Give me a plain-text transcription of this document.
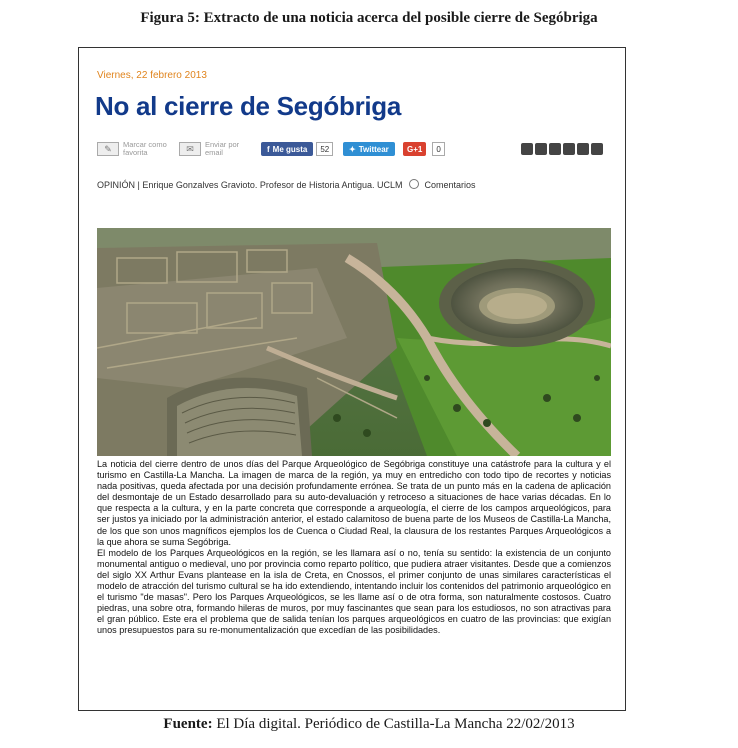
Figura 5: Extracto de una noticia acerca del posible cierre de Segóbriga
Viernes, 22 febrero 2013
No al cierre de Segóbriga
✎	Marcar como favorita	✉	Enviar por email	f Me gusta	52	✦ Twittear	G+1	0
OPINIÓN | Enrique Gonzalves Gravioto. Profesor de Historia Antigua. UCLM Comentarios

La noticia del cierre dentro de unos días del Parque Arqueológico de Segóbriga constituye una catástrofe para la cultura y el turismo en Castilla-La Mancha. La imagen de marca de la región, ya muy en entredicho con todo tipo de recortes y noticias nada positivas, queda afectada por una decisión profundamente errónea. Se trata de un punto más en la cadena de aplicación del desmontaje de un Estado desarrollado para su auto-devaluación y retroceso a situaciones de hace varias décadas. En lo que respecta a la cultura, y en la parte concreta que corresponde a arqueología, el cierre de los campos arqueológicos, para ser justos ya iniciado por la administración anterior, el estado calamitoso de buena parte de los Museos de Castilla-La Mancha, de los que son unos magníficos ejemplos los de Cuenca o Ciudad Real, la clausura de los restantes Parques Arqueológicos a la que ahora se suma Segóbriga.

El modelo de los Parques Arqueológicos en la región, se les llamara así o no, tenía su sentido: la existencia de un conjunto monumental antiguo o medieval, uno por provincia como reparto político, que pudiera atraer visitantes. Desde que a comienzos del siglo XX Arthur Evans plantease en la isla de Creta, en Cnossos, el primer conjunto de unas similares características el modelo de atracción del turismo cultural se ha ido extendiendo, intentando incluir los contenidos del patrimonio arqueológico en el turismo "de masas". Pero los Parques Arqueológicos, se les llame así o de otra forma, son naturalmente costosos. Cuatro piedras, una sobre otra, formando hileras de muros, por muy fascinantes que sean para los estudiosos, no son atractivas para el gran público. Este era el problema que de salida tenían los parques arqueológicos en cuatro de las provincias: que exigían unos presupuestos para su re-monumentalización que excedían de las posibilidades.

Fuente: El Día digital. Periódico de Castilla-La Mancha 22/02/2013
